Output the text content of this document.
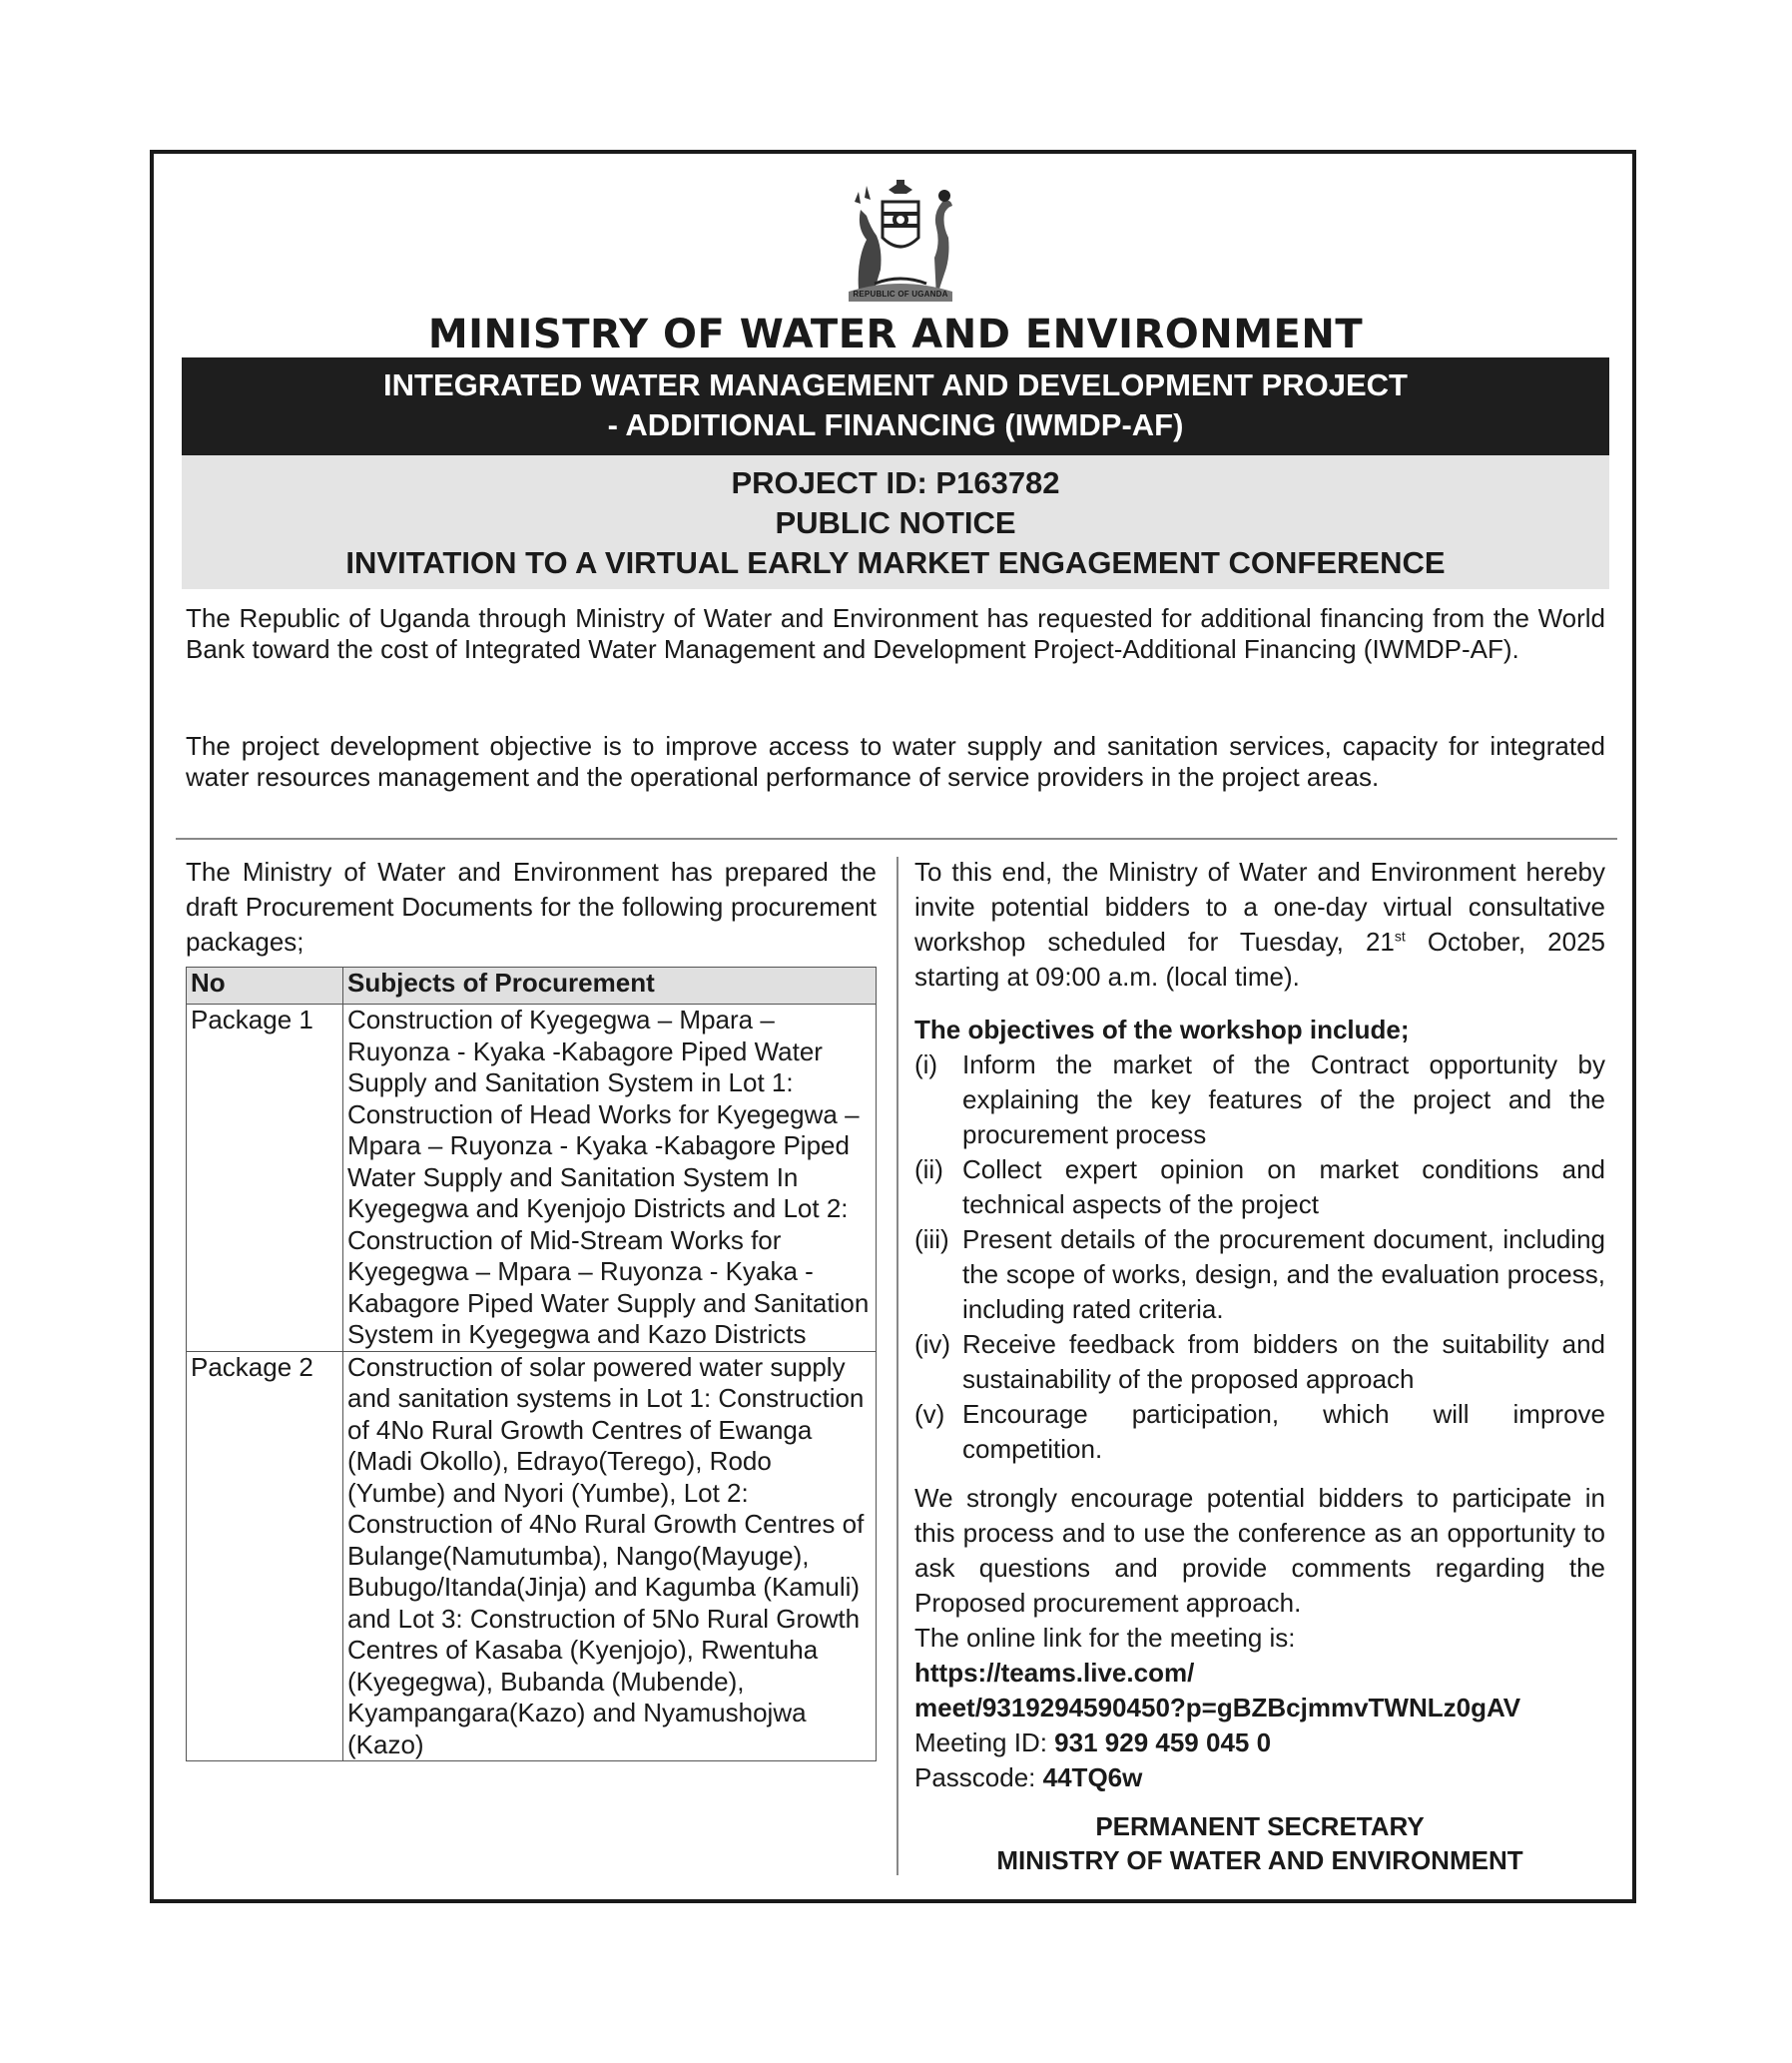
REPUBLIC OF UGANDA
MINISTRY OF WATER AND ENVIRONMENT
INTEGRATED WATER MANAGEMENT AND DEVELOPMENT PROJECT
- ADDITIONAL FINANCING (IWMDP-AF)
PROJECT ID: P163782
PUBLIC NOTICE
INVITATION TO A VIRTUAL EARLY MARKET ENGAGEMENT CONFERENCE

The Republic of Uganda through Ministry of Water and Environment has requested for additional financing from the World Bank toward the cost of Integrated Water Management and Development Project-Additional Financing (IWMDP-AF).

The project development objective is to improve access to water supply and sanitation services, capacity for integrated water resources management and the operational performance of service providers in the project areas.

The Ministry of Water and Environment has prepared the draft Procurement Documents for the following procurement packages;

No	Subjects of Procurement
Package 1	Construction of Kyegegwa – Mpara – Ruyonza - Kyaka -Kabagore Piped Water Supply and Sanitation System in Lot 1: Construction of Head Works for Kyegegwa – Mpara – Ruyonza - Kyaka -Kabagore Piped Water Supply and Sanitation System In Kyegegwa and Kyenjojo Districts and Lot 2: Construction of Mid-Stream Works for Kyegegwa – Mpara – Ruyonza - Kyaka -Kabagore Piped Water Supply and Sanitation System in Kyegegwa and Kazo Districts
Package 2	Construction of solar powered water supply and sanitation systems in Lot 1: Construction of 4No Rural Growth Centres of Ewanga (Madi Okollo), Edrayo(Terego), Rodo (Yumbe) and Nyori (Yumbe), Lot 2: Construction of 4No Rural Growth Centres of Bulange(Namutumba), Nango(Mayuge), Bubugo/Itanda(Jinja) and Kagumba (Kamuli) and Lot 3: Construction of 5No Rural Growth Centres of Kasaba (Kyenjojo), Rwentuha (Kyegegwa), Bubanda (Mubende), Kyampangara(Kazo) and Nyamushojwa (Kazo)

To this end, the Ministry of Water and Environment hereby invite potential bidders to a one-day virtual consultative workshop scheduled for Tuesday, 21st October, 2025 starting at 09:00 a.m. (local time).

The objectives of the workshop include;

(i) Inform the market of the Contract opportunity by explaining the key features of the project and the procurement process
(ii) Collect expert opinion on market conditions and technical aspects of the project
(iii) Present details of the procurement document, including the scope of works, design, and the evaluation process, including rated criteria.
(iv) Receive feedback from bidders on the suitability and sustainability of the proposed approach
(v) Encourage participation, which will improve competition.

We strongly encourage potential bidders to participate in this process and to use the conference as an opportunity to ask questions and provide comments regarding the Proposed procurement approach.

The online link for the meeting is:
https://teams.live.com/
meet/9319294590450?p=gBZBcjmmvTWNLz0gAV
Meeting ID: 931 929 459 045 0
Passcode: 44TQ6w
PERMANENT SECRETARY
MINISTRY OF WATER AND ENVIRONMENT
